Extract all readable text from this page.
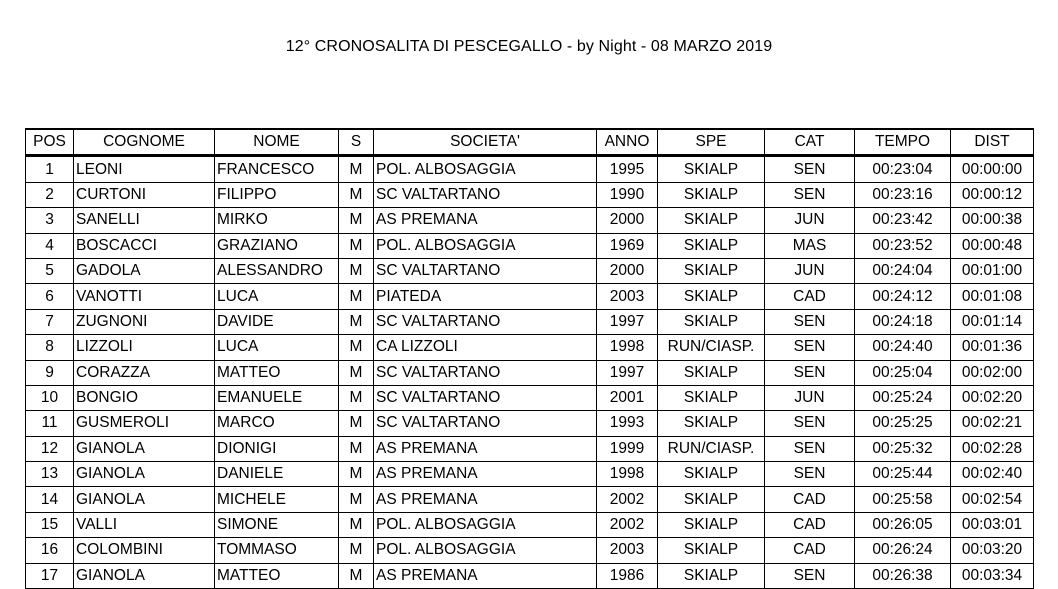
12° CRONOSALITA DI PESCEGALLO - by Night - 08 MARZO 2019
POS	COGNOME	NOME	S	SOCIETA'	ANNO	SPE	CAT	TEMPO	DIST
1	LEONI	FRANCESCO	M	POL. ALBOSAGGIA	1995	SKIALP	SEN	00:23:04	00:00:00
2	CURTONI	FILIPPO	M	SC VALTARTANO	1990	SKIALP	SEN	00:23:16	00:00:12
3	SANELLI	MIRKO	M	AS PREMANA	2000	SKIALP	JUN	00:23:42	00:00:38
4	BOSCACCI	GRAZIANO	M	POL. ALBOSAGGIA	1969	SKIALP	MAS	00:23:52	00:00:48
5	GADOLA	ALESSANDRO	M	SC VALTARTANO	2000	SKIALP	JUN	00:24:04	00:01:00
6	VANOTTI	LUCA	M	PIATEDA	2003	SKIALP	CAD	00:24:12	00:01:08
7	ZUGNONI	DAVIDE	M	SC VALTARTANO	1997	SKIALP	SEN	00:24:18	00:01:14
8	LIZZOLI	LUCA	M	CA LIZZOLI	1998	RUN/CIASP.	SEN	00:24:40	00:01:36
9	CORAZZA	MATTEO	M	SC VALTARTANO	1997	SKIALP	SEN	00:25:04	00:02:00
10	BONGIO	EMANUELE	M	SC VALTARTANO	2001	SKIALP	JUN	00:25:24	00:02:20
11	GUSMEROLI	MARCO	M	SC VALTARTANO	1993	SKIALP	SEN	00:25:25	00:02:21
12	GIANOLA	DIONIGI	M	AS PREMANA	1999	RUN/CIASP.	SEN	00:25:32	00:02:28
13	GIANOLA	DANIELE	M	AS PREMANA	1998	SKIALP	SEN	00:25:44	00:02:40
14	GIANOLA	MICHELE	M	AS PREMANA	2002	SKIALP	CAD	00:25:58	00:02:54
15	VALLI	SIMONE	M	POL. ALBOSAGGIA	2002	SKIALP	CAD	00:26:05	00:03:01
16	COLOMBINI	TOMMASO	M	POL. ALBOSAGGIA	2003	SKIALP	CAD	00:26:24	00:03:20
17	GIANOLA	MATTEO	M	AS PREMANA	1986	SKIALP	SEN	00:26:38	00:03:34
